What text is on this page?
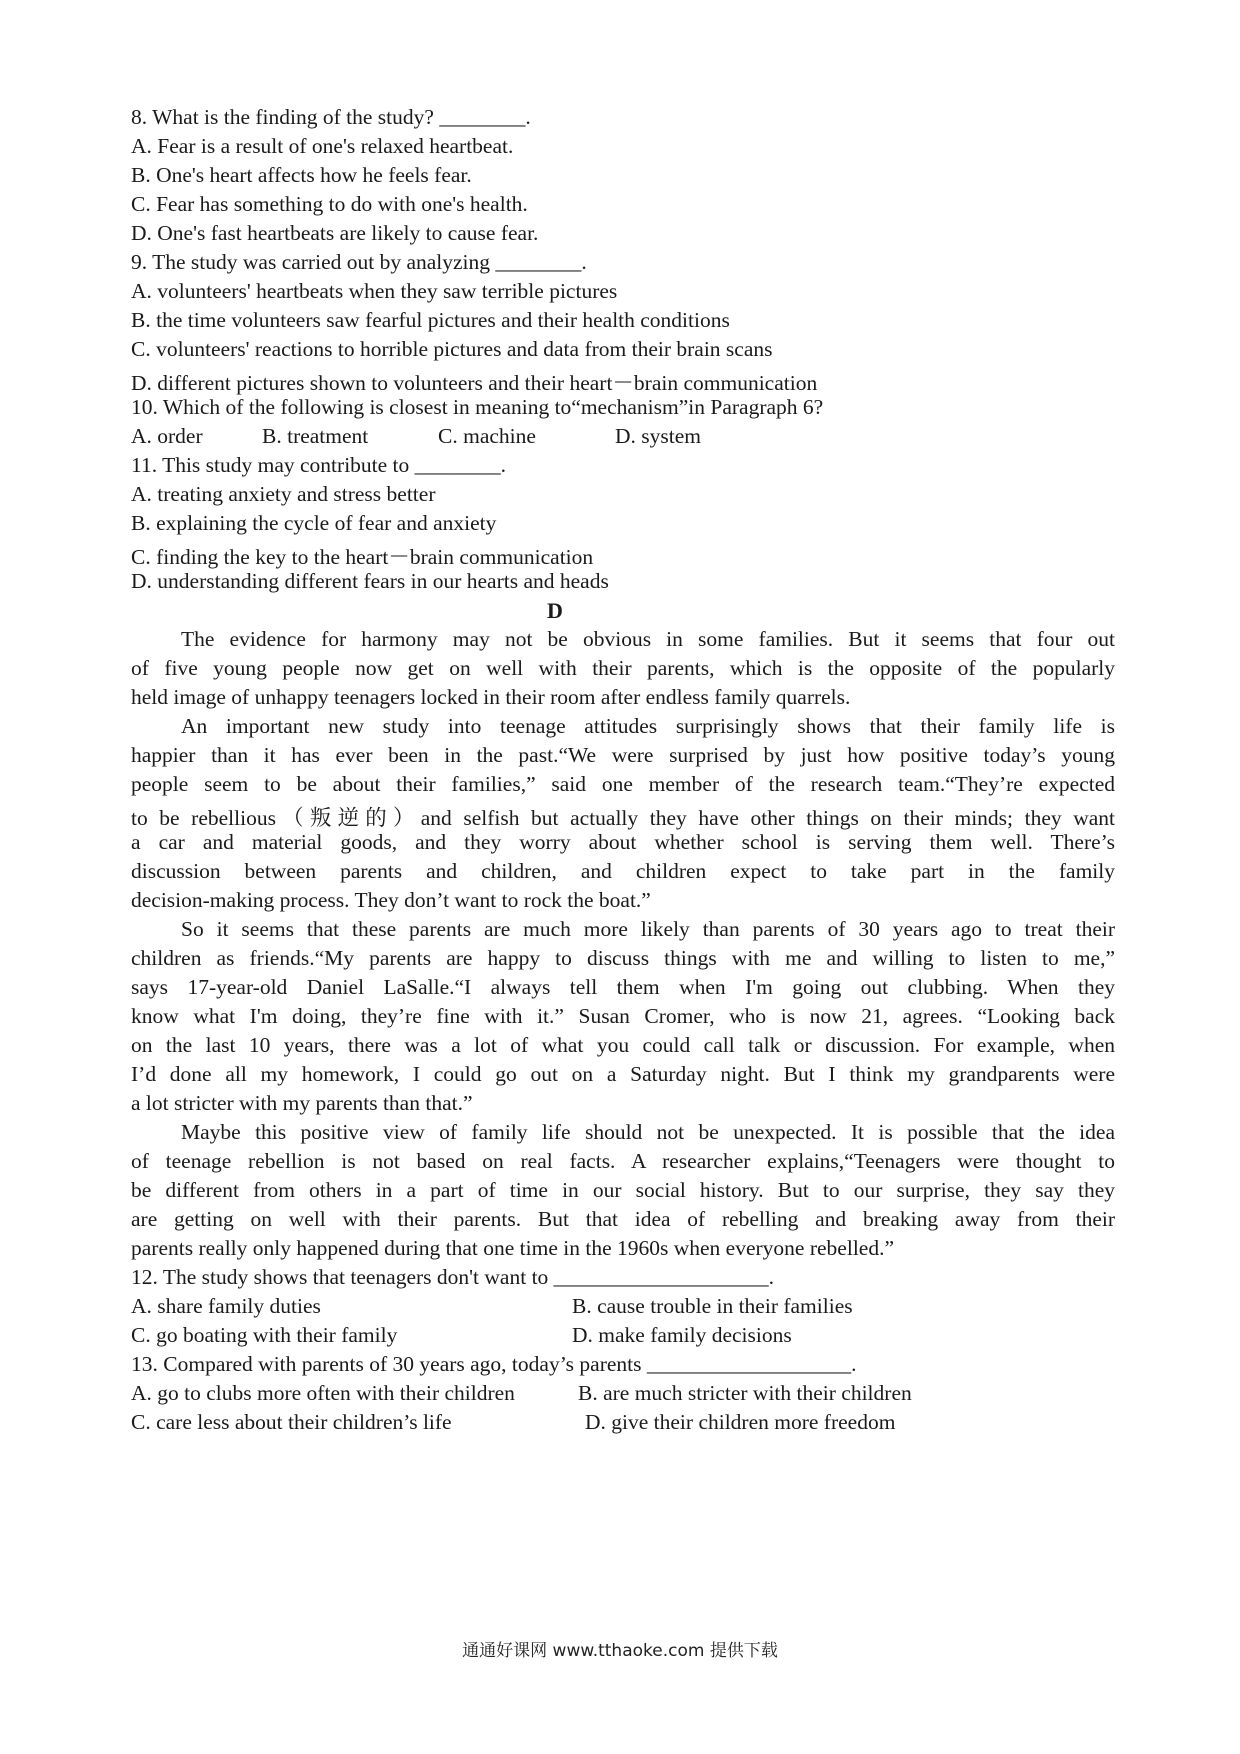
8. What is the finding of the study? ________.
A. Fear is a result of one's relaxed heartbeat.
B. One's heart affects how he feels fear.
C. Fear has something to do with one's health.
D. One's fast heartbeats are likely to cause fear.
9. The study was carried out by analyzing ________.
A. volunteers' heartbeats when they saw terrible pictures
B. the time volunteers saw fearful pictures and their health conditions
C. volunteers' reactions to horrible pictures and data from their brain scans
D. different pictures shown to volunteers and their heart－brain communication
10. Which of the following is closest in meaning to“mechanism”in Paragraph 6?
A. order	B. treatment	C. machine	D. system
11. This study may contribute to ________.
A. treating anxiety and stress better
B. explaining the cycle of fear and anxiety
C. finding the key to the heart－brain communication
D. understanding different fears in our hearts and heads
D
The evidence for harmony may not be obvious in some families. But it seems that four out
of five young people now get on well with their parents, which is the opposite of the popularly
held image of unhappy teenagers locked in their room after endless family quarrels.
An important new study into teenage attitudes surprisingly shows that their family life is
happier than it has ever been in the past.“We were surprised by just how positive today’s young
people seem to be about their families,” said one member of the research team.“They’re expected
to be rebellious（叛逆的）and selfish but actually they have other things on their minds; they want
a car and material goods, and they worry about whether school is serving them well. There’s
discussion between parents and children, and children expect to take part in the family
decision-making process. They don’t want to rock the boat.”
So it seems that these parents are much more likely than parents of 30 years ago to treat their
children as friends.“My parents are happy to discuss things with me and willing to listen to me,”
says 17-year-old Daniel LaSalle.“I always tell them when I'm going out clubbing. When they
know what I'm doing, they’re fine with it.” Susan Cromer, who is now 21, agrees. “Looking back
on the last 10 years, there was a lot of what you could call talk or discussion. For example, when
I’d done all my homework, I could go out on a Saturday night. But I think my grandparents were
a lot stricter with my parents than that.”
Maybe this positive view of family life should not be unexpected. It is possible that the idea
of teenage rebellion is not based on real facts. A researcher explains,“Teenagers were thought to
be different from others in a part of time in our social history. But to our surprise, they say they
are getting on well with their parents. But that idea of rebelling and breaking away from their
parents really only happened during that one time in the 1960s when everyone rebelled.”
12. The study shows that teenagers don't want to ____________________.
A. share family duties	B. cause trouble in their families
C. go boating with their family	D. make family decisions
13. Compared with parents of 30 years ago, today’s parents ___________________.
A. go to clubs more often with their children	B. are much stricter with their children
C. care less about their children’s life	D. give their children more freedom
通通好课网 www.tthaoke.com 提供下载
